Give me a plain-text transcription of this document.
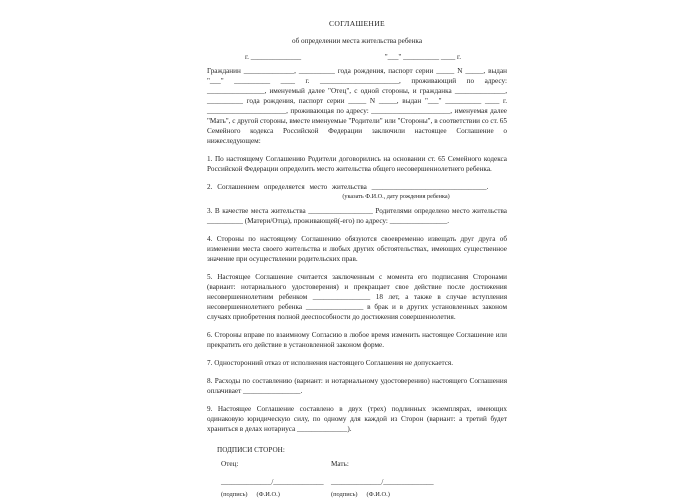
СОГЛАШЕНИЕ
об определении места жительства ребенка
г. ______________	"___" __________ ____ г.

Гражданин ______________, __________ года рождения, паспорт серии _____ N _____, выдан "___" __________ ____ г. ______________________, проживающий по адресу: ________________, именуемый далее "Отец", с одной стороны, и гражданка ______________, __________ года рождения, паспорт серии _____ N _____, выдан "___" __________ ____ г. ______________________, проживающая по адресу: ______________________, именуемая далее "Мать", с другой стороны, вместе именуемые "Родители" или "Стороны", в соответствии со ст. 65 Семейного кодекса Российской Федерации заключили настоящее Соглашение о нижеследующем:

1. По настоящему Соглашению Родители договорились на основании ст. 65 Семейного кодекса Российской Федерации определить место жительства общего несовершеннолетнего ребенка.

2. Соглашением определяется место жительства ________________________________.

(указать Ф.И.О., дату рождения ребенка)

3. В качестве места жительства __________________ Родителями определено место жительства __________ (Матери/Отца), проживающей(-его) по адресу: ________________.

4. Стороны по настоящему Соглашению обязуются своевременно извещать друг друга об изменении места своего жительства и любых других обстоятельствах, имеющих существенное значение при осуществлении родительских прав.

5. Настоящее Соглашение считается заключенным с момента его подписания Сторонами (вариант: нотариального удостоверения) и прекращает свое действие после достижения несовершеннолетним ребенком ________________ 18 лет, а также в случае вступления несовершеннолетнего ребенка ________________ в брак и в других установленных законом случаях приобретения полной дееспособности до достижения совершеннолетия.

6. Стороны вправе по взаимному Согласию в любое время изменить настоящее Соглашение или прекратить его действие в установленной законом форме.

7. Односторонний отказ от исполнения настоящего Соглашения не допускается.

8. Расходы по составлению (вариант: и нотариальному удостоверению) настоящего Соглашения оплачивает ________________.

9. Настоящее Соглашение составлено в двух (трех) подлинных экземплярах, имеющих одинаковую юридическую силу, по одному для каждой из Сторон (вариант: а третий будет храниться в делах нотариуса ______________).

ПОДПИСИ СТОРОН:
Отец:
______________/______________
(подпись) (Ф.И.О.)
Мать:
______________/______________
(подпись) (Ф.И.О.)
